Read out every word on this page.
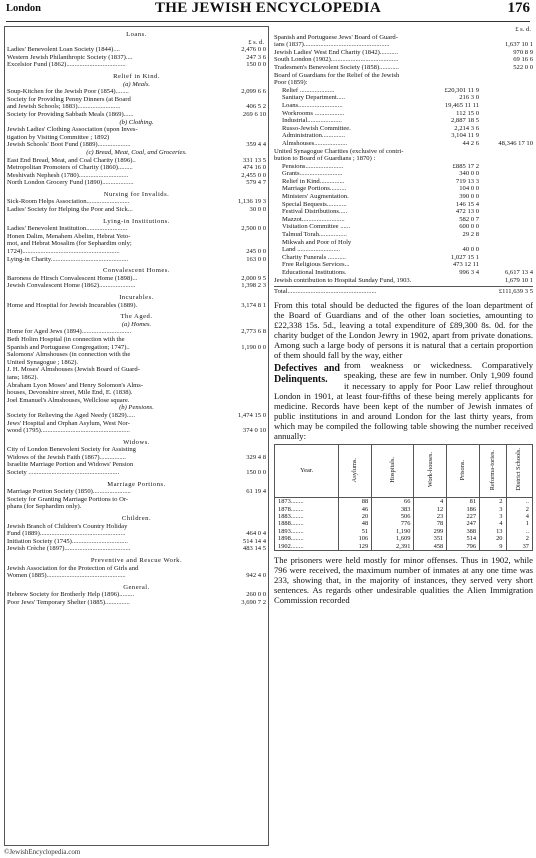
London	THE JEWISH ENCYCLOPEDIA	176
Loans.
£ s. d.
Ladies' Benevolent Loan Society (1844)....	2,476 0 0
Western Jewish Philanthropic Society (1837)....	247 3 6
Excelsior Fund (1862)....................................	150 0 0
Relief in Kind.
(a) Meals.
Soup-Kitchen for the Jewish Poor (1854)........	2,099 6 6
Society for Providing Penny Dinners (at Board
and Jewish Schools; 1883)..........................	406 5 2
Society for Providing Sabbath Meals (1869)......	269 6 10
(b) Clothing.
Jewish Ladies' Clothing Association (upon Inves-
tigation by Visiting Committee ; 1892)
Jewish Schools' Boot Fund (1889)....................	359 4 4
(c) Bread, Meat, Coal, and Groceries.
East End Bread, Meat, and Coal Charity (1896)..	331 13 5
Metropolitan Promoters of Charity (1860).........	474 16 0
Meshivath Nephesh (1780)..............................	2,455 0 0
North London Grocery Fund (1890)...................	579 4 7
Nursing for Invalids.
Sick-Room Helps Association..........................	1,136 19 3
Ladies' Society for Helping the Poor and Sick...	30 0 0
Lying-in Institutions.
Ladies' Benevolent Institution.........................	2,500 0 0
Honen Dalim, Menahem Abelim, Hebrat Yeto-
mot, and Hebrat Mosalim (for Sephardim only;
1724)...........................................................	245 0 0
Lying-in Charity...............................................	163 0 0
Convalescent Homes.
Baroness de Hirsch Convalescent Home (1898)...	2,000 9 5
Jewish Convalescent Home (1862)......................	1,398 2 3
Incurables.
Home and Hospital for Jewish Incurables (1889).	3,174 8 1
The Aged.
(a) Homes.
Home for Aged Jews (1894)..............................	2,773 6 8
Beth Holim Hospital (in connection with the
Spanish and Portuguese Congregation; 1747)..	1,190 0 0
Salomons' Almshouses (in connection with the
United Synagogue ; 1862).
J. H. Moses' Almshouses (Jewish Board of Guard-
ians; 1862).
Abraham Lyon Moses' and Henry Solomon's Alms-
houses, Devonshire street, Mile End, E. (1838).
Joel Emanuel's Almshouses, Wellclose square.
(b) Pensions.
Society for Relieving the Aged Needy (1829).....	1,474 15 0
Jews' Hospital and Orphan Asylum, West Nor-
wood (1795)......................................................	374 0 10
Widows.
City of London Benevolent Society for Assisting
Widows of the Jewish Faith (1867)................	329 4 8
Israelite Marriage Portion and Widows' Pension
Society .......................................................	150 0 0
Marriage Portions.
Marriage Portion Society (1850).......................	61 19 4
Society for Granting Marriage Portions to Or-
phans (for Sephardim only).
Children.
Jewish Branch of Children's Country Holiday
Fund (1889)....................................................	464 0 4
Initiation Society (1745)..................................	514 14 4
Jewish Crèche (1897)........................................	483 14 5
Preventive and Rescue Work.
Jewish Association for the Protection of Girls and
Women (1885)................................................	942 4 0
General.
Hebrew Society for Brotherly Help (1896).........	260 0 0
Poor Jews' Temporary Shelter (1885)...............	3,690 7 2
£ s. d.
Spanish and Portuguese Jews' Board of Guard-
ians (1837)....................................................	1,637 10 1
Jewish Ladies' West End Charity (1842)...........	970 8 9
South London (1902).........................................	69 16 6
Tradesmen's Benevolent Society (1858)............	522 0 0
Board of Guardians for the Relief of the Jewish
Poor (1859):
Relief .....................	£20,301 11 9
Sanitary Department.....	216 3 0
Loans...........................	19,465 11 11
Workrooms ..................	112 15 0
Industrial.....................	2,887 18 5
Russo-Jewish Committee.	2,214 3 6
Administration..............	3,104 11 9
Almshouses....................	44 2 6	48,346 17 10
United Synagogue Charities (exclusive of contri-
bution to Board of Guardians ; 1870) :
Pensions.......................	£885 17 2
Grants..........................	340 0 0
Relief in Kind...............	719 13 3
Marriage Portions..........	104 0 0
Ministers' Augmentation.	390 0 0
Special Bequests............	146 15 4
Festival Distributions.....	472 13 0
Mazzot..........................	582 0 7
Visitation Committee ......	600 0 0
Talmud Torah.................	29 2 8
Mikwah and Poor of Holy
Land ..........................	40 0 0
Charity Funerals ...........	1,027 15 1
Free Religious Services...	473 12 11
Educational Institutions.	996 3 4	6,617 13 4
Jewish contribution to Hospital Sunday Fund, 1903.	1,679 10 1
Total......................................................	£111,639 3 5
From this total should be deducted the figures of the loan department of the Board of Guardians and of the other loan societies, amounting to £22,338 15s. 5d., leaving a total expenditure of £89,300 8s. 0d. for the charity budget of the London Jewry in 1902, apart from private donations. Among such a large body of persons it is natural that a certain proportion of them should fall by the way, either
Defectives and Delinquents.
from weakness or wickedness. Comparatively speaking, these are few in number. Only 1,909 found it necessary to apply for Poor Law relief throughout London in 1901, at least four-fifths of these being merely applicants for medicine. Records have been kept of the number of Jewish inmates of public institutions in and around London for the last thirty years, from which may be compiled the following table showing the number received annually:
Year.	Asylums.	Hospitals.	Work-houses.	Prisons.	Reforma-tories.	District Schools.
1873........	88	66	4	81	2	..
1878........	46	383	12	186	3	2
1883........	20	506	23	227	3	4
1888........	48	776	78	247	4	1
1893........	51	1,190	299	388	13	..
1898........	106	1,609	351	514	20	2
1902........	129	2,391	458	796	9	37
The prisoners were held mostly for minor offenses. Thus in 1902, while 796 were received, the maximum number of inmates at any one time was 233, showing that, in the majority of instances, they served very short sentences. As regards other undesirable qualities the Alien Immigration Commission recorded
©JewishEncyclopedia.com
